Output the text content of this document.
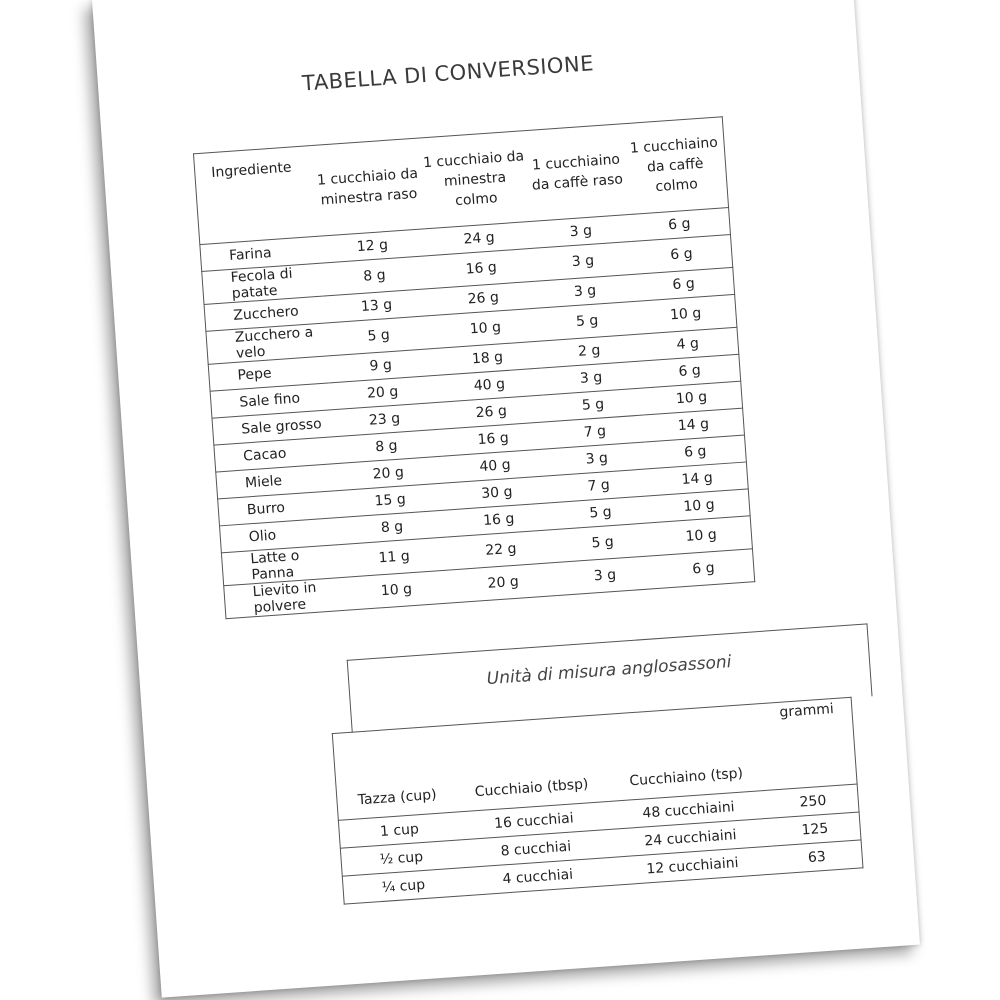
TABELLA DI CONVERSIONE
Ingrediente	1 cucchiaio da minestra raso	1 cucchiaio da minestra colmo	1 cucchiaino da caffè raso	1 cucchiaino da caffè colmo
Farina	12 g	24 g	3 g	6 g
Fecola di patate	8 g	16 g	3 g	6 g
Zucchero	13 g	26 g	3 g	6 g
Zucchero a velo	5 g	10 g	5 g	10 g
Pepe	9 g	18 g	2 g	4 g
Sale fino	20 g	40 g	3 g	6 g
Sale grosso	23 g	26 g	5 g	10 g
Cacao	8 g	16 g	7 g	14 g
Miele	20 g	40 g	3 g	6 g
Burro	15 g	30 g	7 g	14 g
Olio	8 g	16 g	5 g	10 g
Latte o Panna	11 g	22 g	5 g	10 g
Lievito in polvere	10 g	20 g	3 g	6 g
Unità di misura anglosassoni
Tazza (cup)	Cucchiaio (tbsp)	Cucchiaino (tsp)	grammi
1 cup	16 cucchiai	48 cucchiaini	250
½ cup	8 cucchiai	24 cucchiaini	125
¼ cup	4 cucchiai	12 cucchiaini	63
